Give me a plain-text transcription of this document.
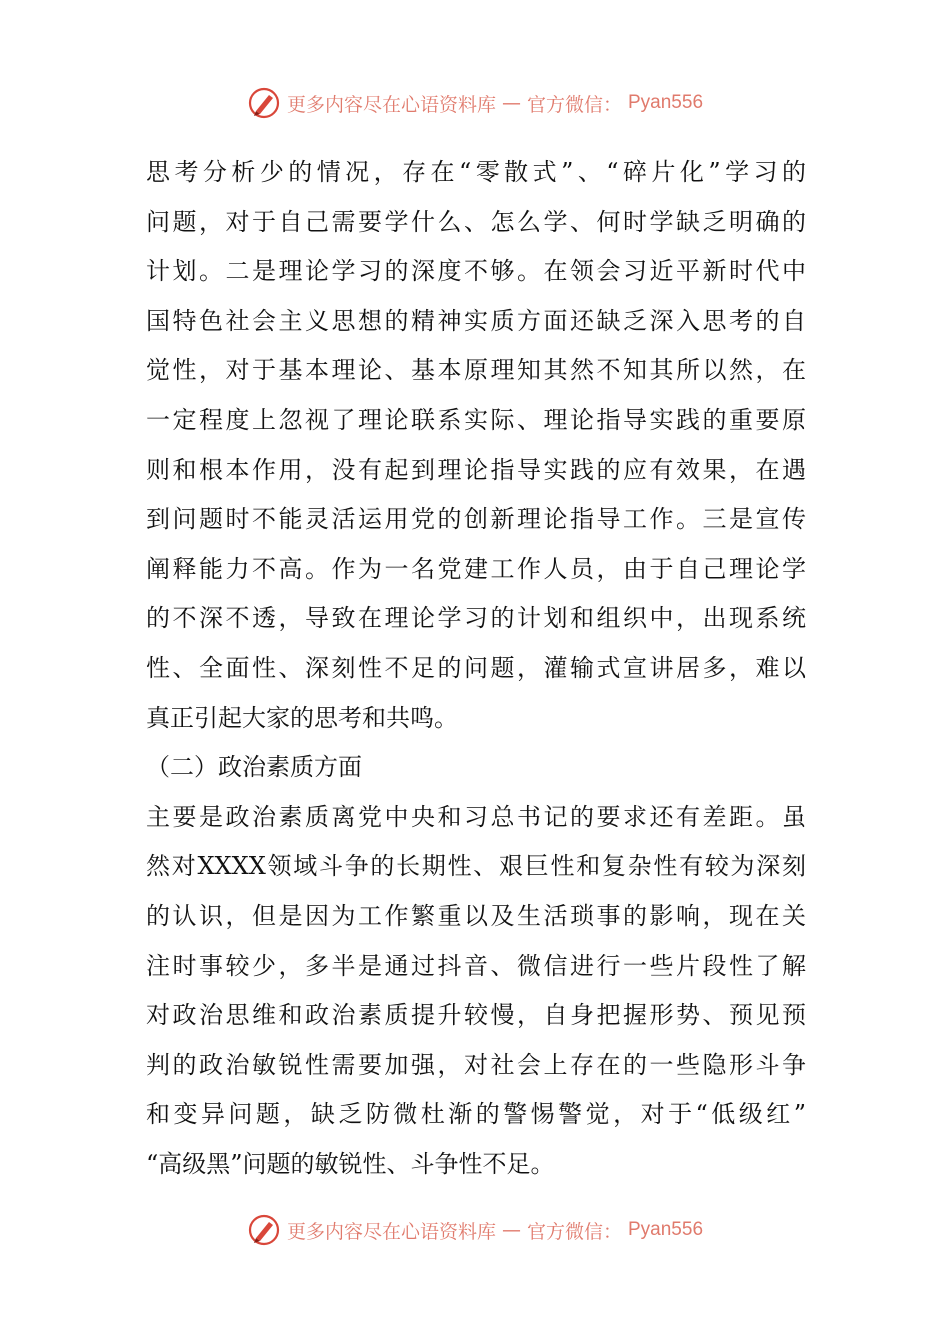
更多内容尽在心语资料库 — 官方微信： Pyan556
思考分析少的情况，存在“零散式”、“碎片化”学习的
问题，对于自己需要学什么、怎么学、何时学缺乏明确的
计划。二是理论学习的深度不够。在领会习近平新时代中
国特色社会主义思想的精神实质方面还缺乏深入思考的自
觉性，对于基本理论、基本原理知其然不知其所以然，在
一定程度上忽视了理论联系实际、理论指导实践的重要原
则和根本作用，没有起到理论指导实践的应有效果，在遇
到问题时不能灵活运用党的创新理论指导工作。三是宣传
阐释能力不高。作为一名党建工作人员，由于自己理论学
的不深不透，导致在理论学习的计划和组织中，出现系统
性、全面性、深刻性不足的问题，灌输式宣讲居多，难以
真正引起大家的思考和共鸣。
（二）政治素质方面
主要是政治素质离党中央和习总书记的要求还有差距。虽
然对XXXX领域斗争的长期性、艰巨性和复杂性有较为深刻
的认识，但是因为工作繁重以及生活琐事的影响，现在关
注时事较少，多半是通过抖音、微信进行一些片段性了解
对政治思维和政治素质提升较慢，自身把握形势、预见预
判的政治敏锐性需要加强，对社会上存在的一些隐形斗争
和变异问题，缺乏防微杜渐的警惕警觉，对于“低级红”
“高级黑”问题的敏锐性、斗争性不足。
更多内容尽在心语资料库 — 官方微信： Pyan556
